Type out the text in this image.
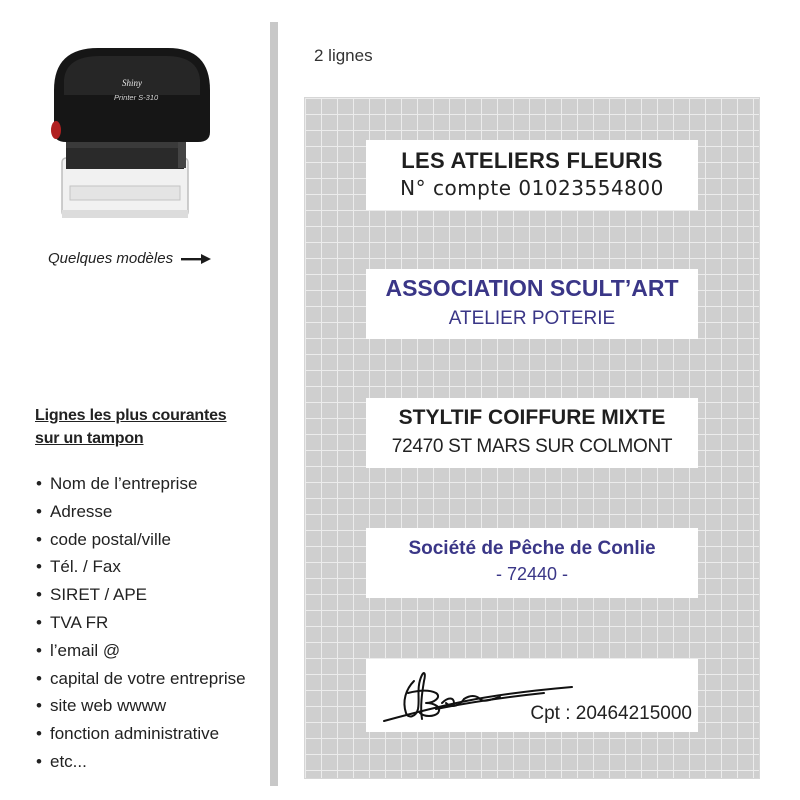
Shiny
Printer S-310
Quelques modèles
Lignes les plus courantes
sur un tampon
• Nom de l’entreprise
• Adresse
• code postal/ville
• Tél. / Fax
• SIRET / APE
• TVA FR
• l’email @
• capital de votre entreprise
• site web wwww
• fonction administrative
• etc...
2 lignes
LES ATELIERS FLEURIS
N° compte 01023554800
ASSOCIATION SCULT’ART
ATELIER POTERIE
STYLTIF COIFFURE MIXTE
72470 ST MARS SUR COLMONT
Société de Pêche de Conlie
- 72440 -
Cpt : 20464215000
